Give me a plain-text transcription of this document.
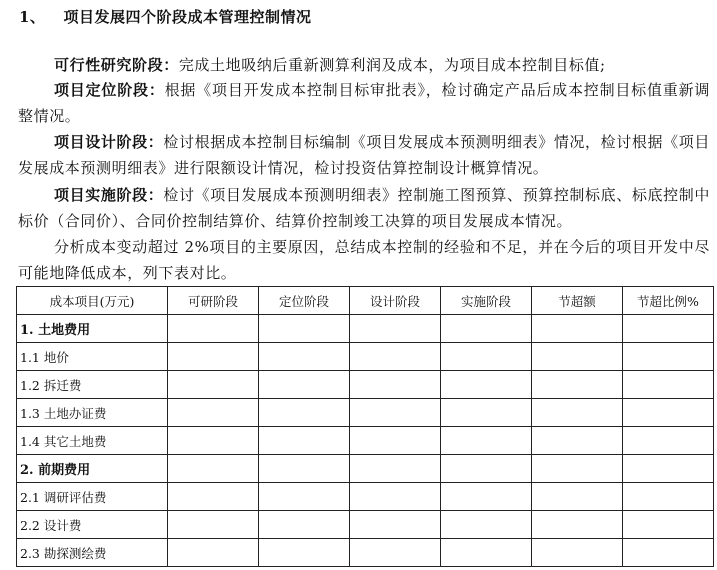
1、 项目发展四个阶段成本管理控制情况
可行性研究阶段：完成土地吸纳后重新测算利润及成本，为项目成本控制目标值;
项目定位阶段：根据《项目开发成本控制目标审批表》，检讨确定产品后成本控制目标值重新调整情况。
项目设计阶段：检讨根据成本控制目标编制《项目发展成本预测明细表》情况，检讨根据《项目发展成本预测明细表》进行限额设计情况，检讨投资估算控制设计概算情况。
项目实施阶段：检讨《项目发展成本预测明细表》控制施工图预算、预算控制标底、标底控制中标价（合同价）、合同价控制结算价、结算价控制竣工决算的项目发展成本情况。
分析成本变动超过 2%项目的主要原因，总结成本控制的经验和不足，并在今后的项目开发中尽可能地降低成本，列下表对比。
成本项目(万元)	可研阶段	定位阶段	设计阶段	实施阶段	节超额	节超比例%
1. 土地费用						
1.1 地价						
1.2 拆迁费						
1.3 土地办证费						
1.4 其它土地费						
2. 前期费用						
2.1 调研评估费						
2.2 设计费						
2.3 勘探测绘费						
